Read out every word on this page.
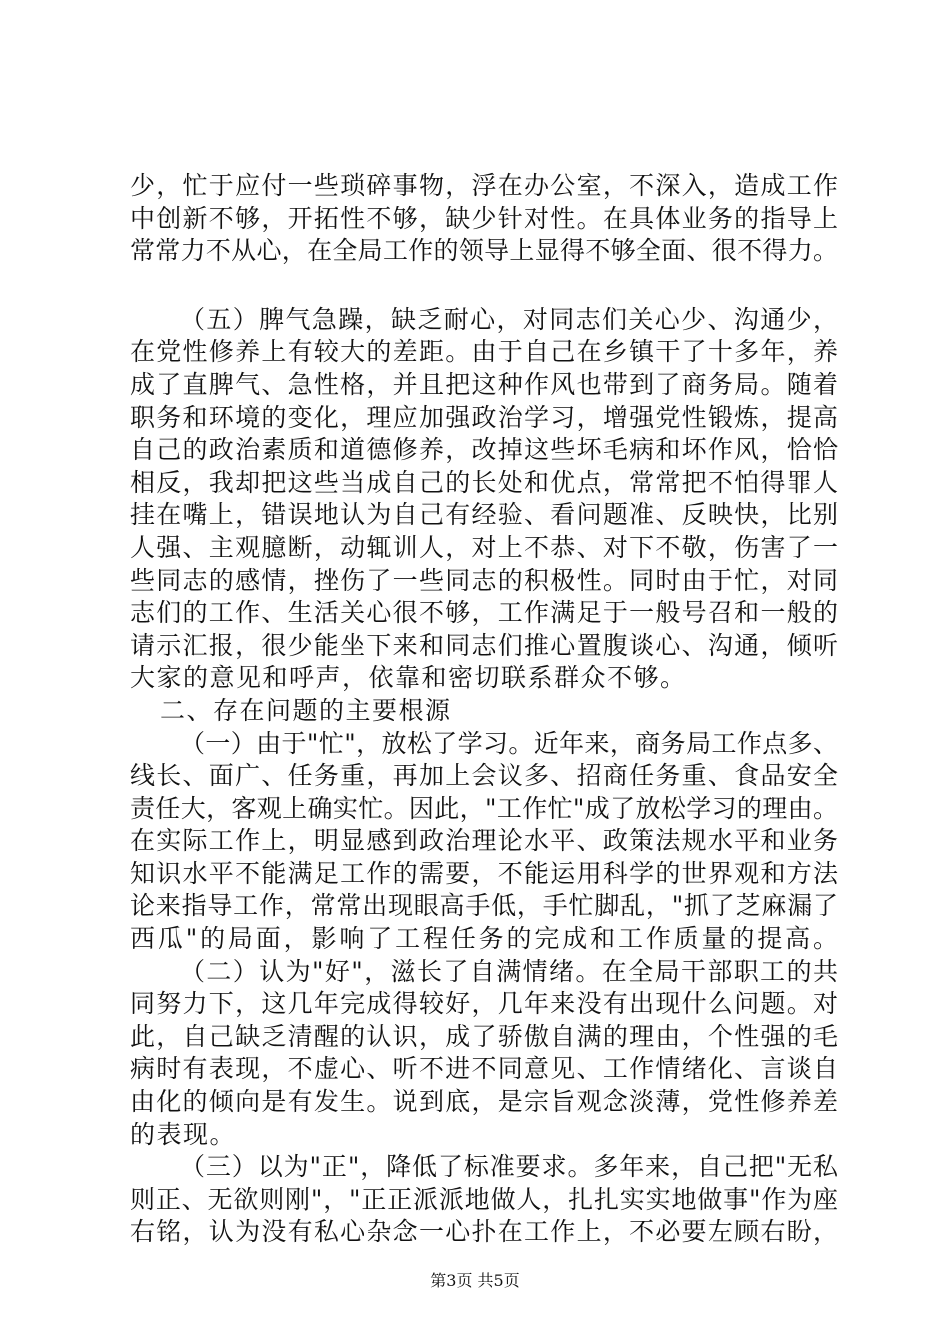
少，忙于应付一些琐碎事物，浮在办公室，不深入，造成工作
中创新不够，开拓性不够，缺少针对性。在具体业务的指导上
常常力不从心，在全局工作的领导上显得不够全面、很不得力。
（五）脾气急躁，缺乏耐心，对同志们关心少、沟通少，
在党性修养上有较大的差距。由于自己在乡镇干了十多年，养
成了直脾气、急性格，并且把这种作风也带到了商务局。随着
职务和环境的变化，理应加强政治学习，增强党性锻炼，提高
自己的政治素质和道德修养，改掉这些坏毛病和坏作风，恰恰
相反，我却把这些当成自己的长处和优点，常常把不怕得罪人
挂在嘴上，错误地认为自己有经验、看问题准、反映快，比别
人强、主观臆断，动辄训人，对上不恭、对下不敬，伤害了一
些同志的感情，挫伤了一些同志的积极性。同时由于忙，对同
志们的工作、生活关心很不够，工作满足于一般号召和一般的
请示汇报，很少能坐下来和同志们推心置腹谈心、沟通，倾听
大家的意见和呼声，依靠和密切联系群众不够。
二、存在问题的主要根源
（一）由于"忙"，放松了学习。近年来，商务局工作点多、
线长、面广、任务重，再加上会议多、招商任务重、食品安全
责任大，客观上确实忙。因此，"工作忙"成了放松学习的理由。
在实际工作上，明显感到政治理论水平、政策法规水平和业务
知识水平不能满足工作的需要，不能运用科学的世界观和方法
论来指导工作，常常出现眼高手低，手忙脚乱，"抓了芝麻漏了
西瓜"的局面，影响了工程任务的完成和工作质量的提高。
（二）认为"好"，滋长了自满情绪。在全局干部职工的共
同努力下，这几年完成得较好，几年来没有出现什么问题。对
此，自己缺乏清醒的认识，成了骄傲自满的理由，个性强的毛
病时有表现，不虚心、听不进不同意见、工作情绪化、言谈自
由化的倾向是有发生。说到底，是宗旨观念淡薄，党性修养差
的表现。
（三）以为"正"，降低了标准要求。多年来，自己把"无私
则正、无欲则刚"，"正正派派地做人，扎扎实实地做事"作为座
右铭，认为没有私心杂念一心扑在工作上，不必要左顾右盼，
第3页 共5页
